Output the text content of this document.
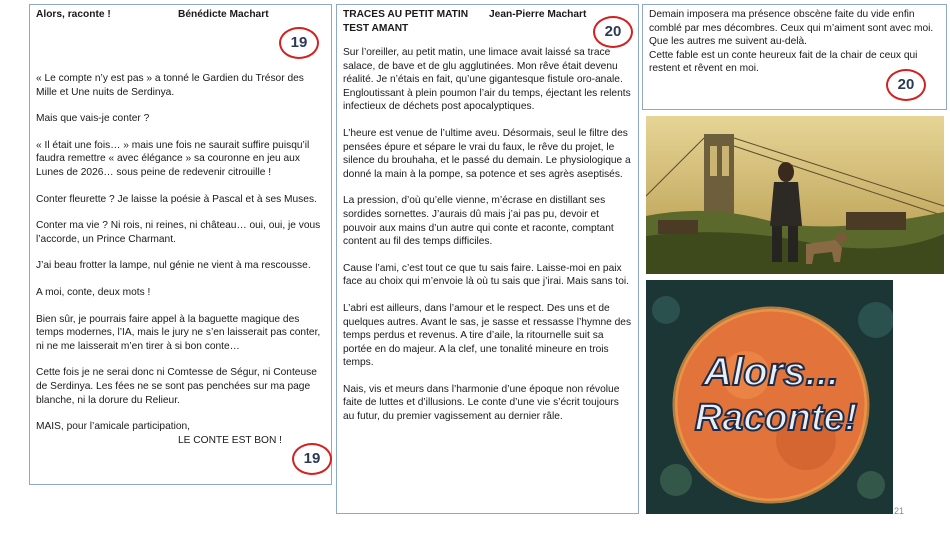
Alors, raconte !	Bénédicte Machart

« Le compte n’y est pas » a tonné le Gardien du Trésor des Mille et Une nuits de Serdinya.

Mais que vais-je conter ?

« Il était une fois… » mais une fois ne saurait suffire puisqu’il faudra remettre « avec élégance » sa couronne en jeu aux Lunes de 2026… sous peine de redevenir citrouille !

Conter fleurette ? Je laisse la poésie à Pascal et à ses Muses.

Conter ma vie ? Ni rois, ni reines, ni château… oui, oui, je vous l’accorde, un Prince Charmant.

J’ai beau frotter la lampe, nul génie ne vient à ma rescousse.

A moi, conte, deux mots !

Bien sûr, je pourrais faire appel à la baguette magique des temps modernes, l’IA, mais le jury ne s’en laisserait pas conter, ni ne me laisserait m’en tirer à si bon conte…

Cette fois je ne serai donc ni Comtesse de Ségur, ni Conteuse de Serdinya. Les fées ne se sont pas penchées sur ma page blanche, ni la dorure du Relieur.

MAIS, pour l’amicale participation,
LE CONTE EST BON !
19
19
TRACES AU PETIT MATIN	Jean-Pierre Machart
TEST AMANT

Sur l’oreiller, au petit matin, une limace avait laissé sa trace salace, de bave et de glu agglutinées. Mon rêve était devenu réalité. Je n’étais en fait, qu’une gigantesque fistule oro-anale. Engloutissant à plein poumon l’air du temps, éjectant les relents infectieux de déchets post apocalyptiques.

L’heure est venue de l’ultime aveu. Désormais, seul le filtre des pensées épure et sépare le vrai du faux, le rêve du projet, le silence du brouhaha, et le passé du demain. Le physiologique a donné la main à la pompe, sa potence et ses agrès aseptisés.

La pression, d’où qu’elle vienne, m’écrase en distillant ses sordides sornettes. J’aurais dû mais j’ai pas pu, devoir et pouvoir aux mains d’un autre qui conte et raconte, comptant content au fil des temps difficiles.

Cause l’ami, c’est tout ce que tu sais faire. Laisse-moi en paix face au choix qui m’envoie là où tu sais que j’irai. Mais sans toi.

L’abri est ailleurs, dans l’amour et le respect. Des uns et de quelques autres. Avant le sas, je sasse et ressasse l’hymne des temps perdus et revenus. A tire d’aile, la ritournelle suit sa portée en do majeur. A la clef, une tonalité mineure en trois temps.

Nais, vis et meurs dans l’harmonie d’une époque non révolue faite de luttes et d’illusions. Le conte d’une vie s’écrit toujours au futur, du premier vagissement au dernier râle.

20
Demain imposera ma présence obscène faite du vide enfin comblé par mes décombres. Ceux qui m’aiment sont avec moi. Que les autres me suivent au-delà.
Cette fable est un conte heureux fait de la chair de ceux qui restent et rêvent en moi.
20
Alors...
Raconte!
21
